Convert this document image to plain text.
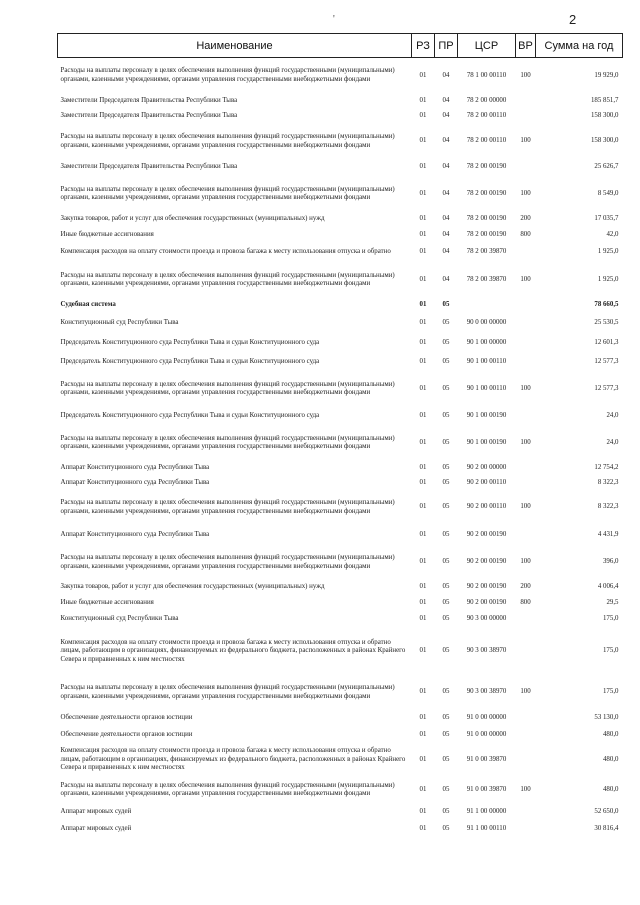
'	2
Наименование	РЗ	ПР	ЦСР	ВР	Сумма на год
Расходы на выплаты персоналу в целях обеспечения выполнения функций государственными (муниципальными) органами, казенными учреждениями, органами управления государственными внебюджетными фондами	01	04	78 1 00 00110	100	19 929,0
Заместители Председателя Правительства Республики Тыва	01	04	78 2 00 00000		185 851,7
Заместители Председателя Правительства Республики Тыва	01	04	78 2 00 00110		158 300,0
Расходы на выплаты персоналу в целях обеспечения выполнения функций государственными (муниципальными) органами, казенными учреждениями, органами управления государственными внебюджетными фондами	01	04	78 2 00 00110	100	158 300,0
Заместители Председателя Правительства Республики Тыва	01	04	78 2 00 00190		25 626,7
Расходы на выплаты персоналу в целях обеспечения выполнения функций государственными (муниципальными) органами, казенными учреждениями, органами управления государственными внебюджетными фондами	01	04	78 2 00 00190	100	8 549,0
Закупка товаров, работ и услуг для обеспечения государственных (муниципальных) нужд	01	04	78 2 00 00190	200	17 035,7
Иные бюджетные ассигнования	01	04	78 2 00 00190	800	42,0
Компенсация расходов на оплату стоимости проезда и провоза багажа к месту использования отпуска и обратно	01	04	78 2 00 39870		1 925,0
Расходы на выплаты персоналу в целях обеспечения выполнения функций государственными (муниципальными) органами, казенными учреждениями, органами управления государственными внебюджетными фондами	01	04	78 2 00 39870	100	1 925,0
Судебная система	01	05			78 660,5
Конституционный суд Республики Тыва	01	05	90 0 00 00000		25 530,5
Председатель Конституционного суда Республики Тыва и судьи Конституционного суда	01	05	90 1 00 00000		12 601,3
Председатель Конституционного суда Республики Тыва и судьи Конституционного суда	01	05	90 1 00 00110		12 577,3
Расходы на выплаты персоналу в целях обеспечения выполнения функций государственными (муниципальными) органами, казенными учреждениями, органами управления государственными внебюджетными фондами	01	05	90 1 00 00110	100	12 577,3
Председатель Конституционного суда Республики Тыва и судьи Конституционного суда	01	05	90 1 00 00190		24,0
Расходы на выплаты персоналу в целях обеспечения выполнения функций государственными (муниципальными) органами, казенными учреждениями, органами управления государственными внебюджетными фондами	01	05	90 1 00 00190	100	24,0
Аппарат Конституционного суда Республики Тыва	01	05	90 2 00 00000		12 754,2
Аппарат Конституционного суда Республики Тыва	01	05	90 2 00 00110		8 322,3
Расходы на выплаты персоналу в целях обеспечения выполнения функций государственными (муниципальными) органами, казенными учреждениями, органами управления государственными внебюджетными фондами	01	05	90 2 00 00110	100	8 322,3
Аппарат Конституционного суда Республики Тыва	01	05	90 2 00 00190		4 431,9
Расходы на выплаты персоналу в целях обеспечения выполнения функций государственными (муниципальными) органами, казенными учреждениями, органами управления государственными внебюджетными фондами	01	05	90 2 00 00190	100	396,0
Закупка товаров, работ и услуг для обеспечения государственных (муниципальных) нужд	01	05	90 2 00 00190	200	4 006,4
Иные бюджетные ассигнования	01	05	90 2 00 00190	800	29,5
Конституционный суд Республики Тыва	01	05	90 3 00 00000		175,0
Компенсация расходов на оплату стоимости проезда и провоза багажа к месту использования отпуска и обратно лицам, работающим в организациях, финансируемых из федерального бюджета, расположенных в районах Крайнего Севера и приравненных к ним местностях	01	05	90 3 00 38970		175,0
Расходы на выплаты персоналу в целях обеспечения выполнения функций государственными (муниципальными) органами, казенными учреждениями, органами управления государственными внебюджетными фондами	01	05	90 3 00 38970	100	175,0
Обеспечение деятельности органов юстиции	01	05	91 0 00 00000		53 130,0
Обеспечение деятельности органов юстиции	01	05	91 0 00 00000		480,0
Компенсация расходов на оплату стоимости проезда и провоза багажа к месту использования отпуска и обратно лицам, работающим в организациях, финансируемых из федерального бюджета, расположенных в районах Крайнего Севера и приравненных к ним местностях	01	05	91 0 00 39870		480,0
Расходы на выплаты персоналу в целях обеспечения выполнения функций государственными (муниципальными) органами, казенными учреждениями, органами управления государственными внебюджетными фондами	01	05	91 0 00 39870	100	480,0
Аппарат мировых судей	01	05	91 1 00 00000		52 650,0
Аппарат мировых судей	01	05	91 1 00 00110		30 816,4
